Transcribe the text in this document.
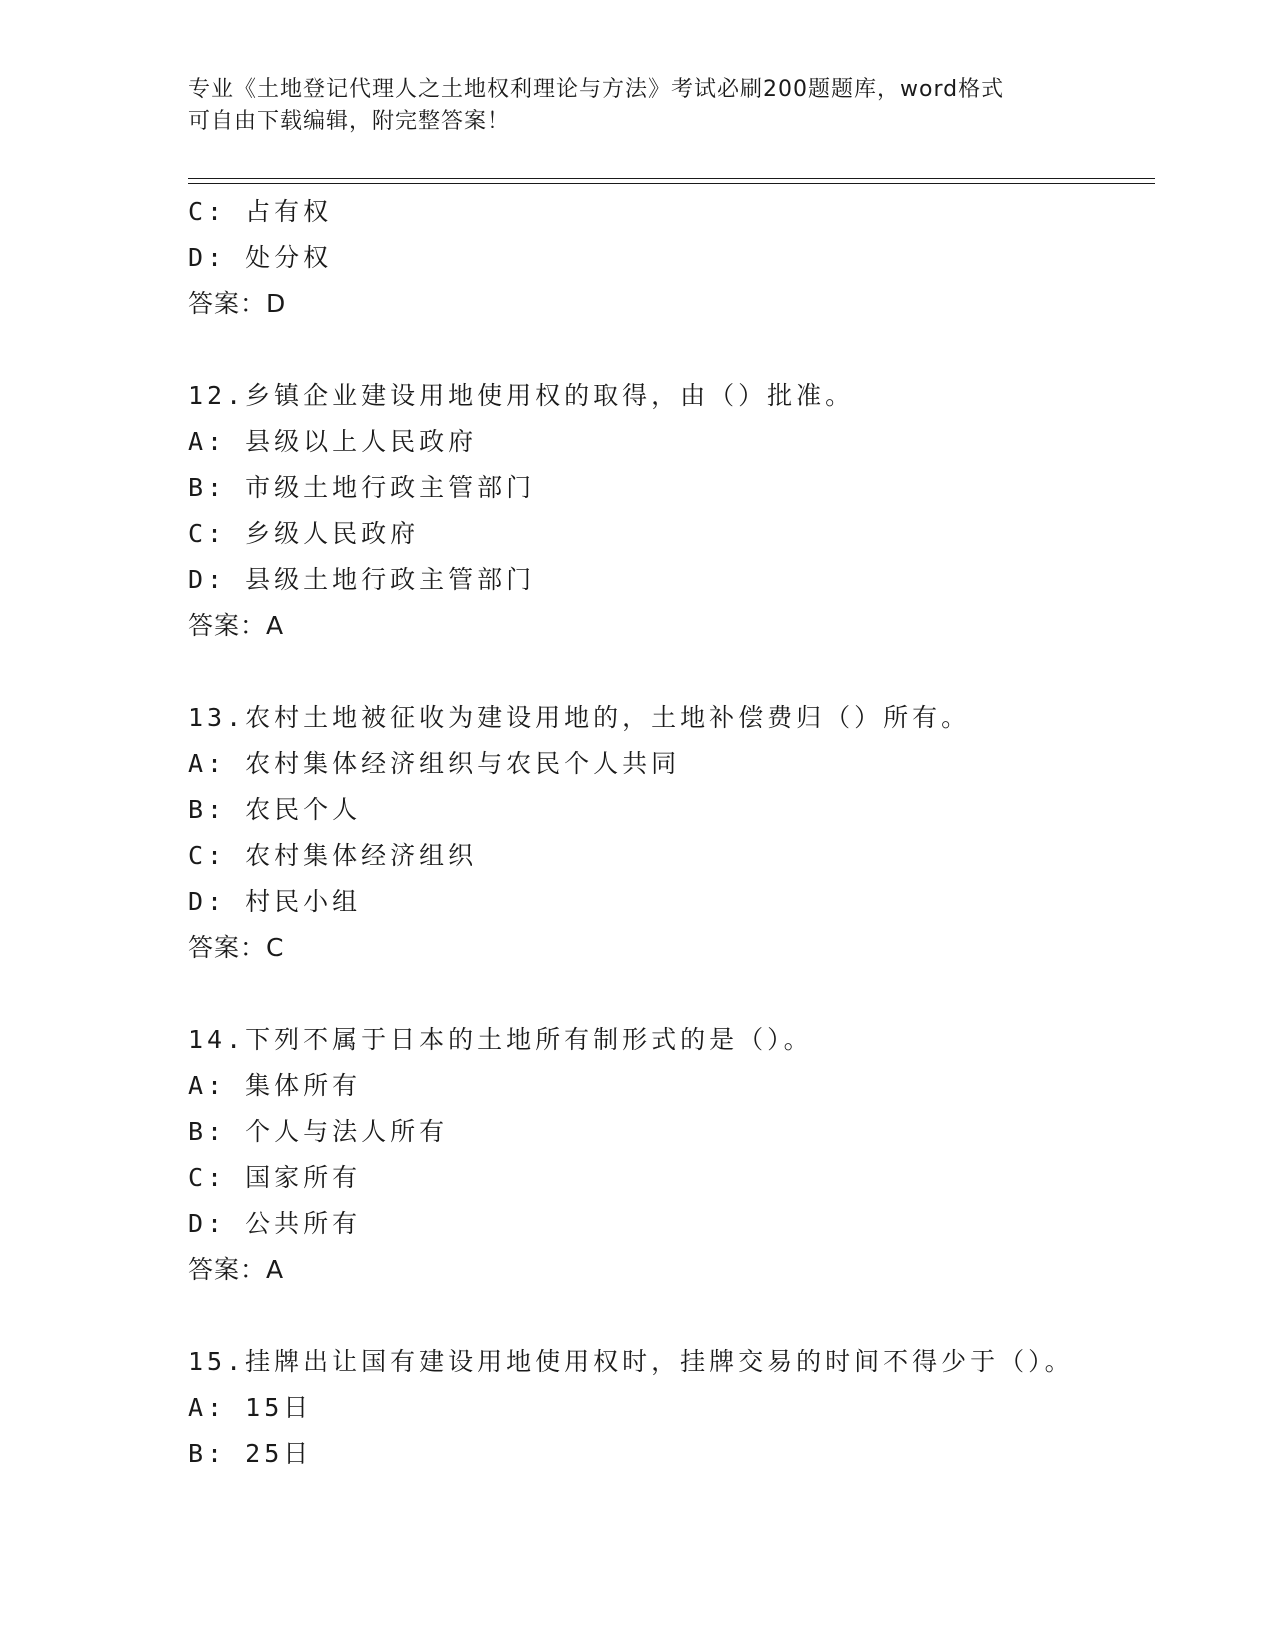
专业《土地登记代理人之土地权利理论与方法》考试必刷200题题库，word格式
可自由下载编辑，附完整答案！
C: 占有权
D: 处分权
答案：D
12.乡镇企业建设用地使用权的取得，由（）批准。
A: 县级以上人民政府
B: 市级土地行政主管部门
C: 乡级人民政府
D: 县级土地行政主管部门
答案：A
13.农村土地被征收为建设用地的，土地补偿费归（）所有。
A: 农村集体经济组织与农民个人共同
B: 农民个人
C: 农村集体经济组织
D: 村民小组
答案：C
14.下列不属于日本的土地所有制形式的是（）。
A: 集体所有
B: 个人与法人所有
C: 国家所有
D: 公共所有
答案：A
15.挂牌出让国有建设用地使用权时，挂牌交易的时间不得少于（）。
A: 15日
B: 25日
